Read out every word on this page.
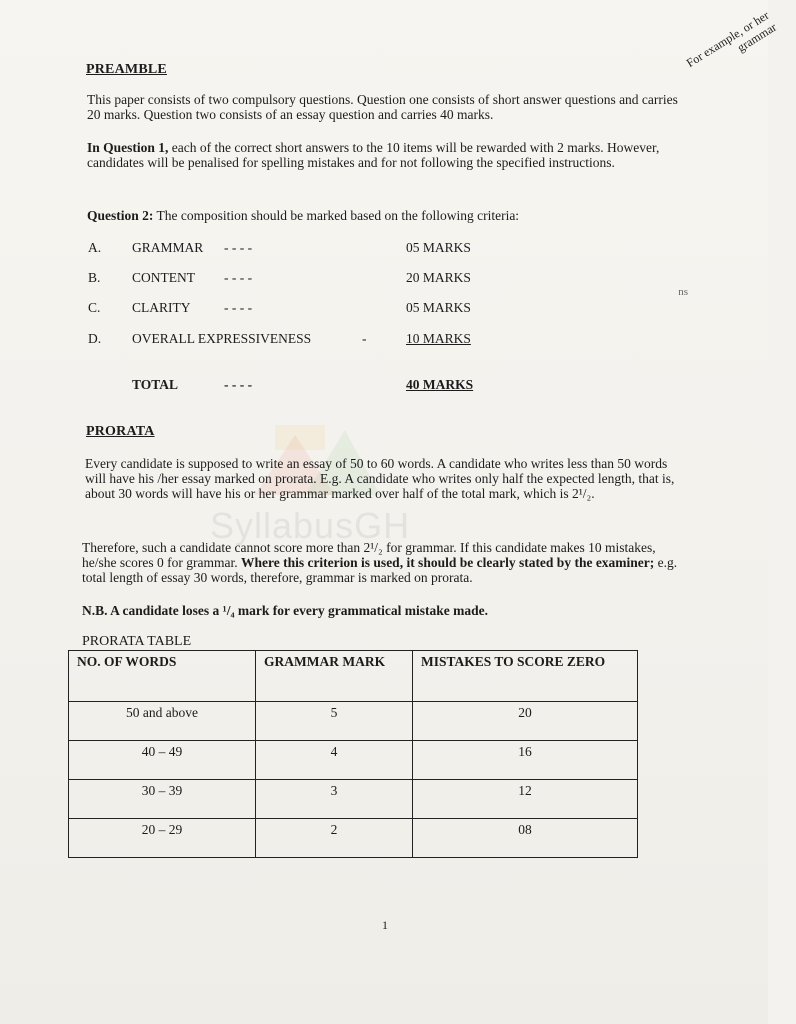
SyllabusGH
For example, or her grammar
ns
PREAMBLE
This paper consists of two compulsory questions. Question one consists of short answer questions and carries 20 marks. Question two consists of an essay question and carries 40 marks.
In Question 1, each of the correct short answers to the 10 items will be rewarded with 2 marks. However, candidates will be penalised for spelling mistakes and for not following the specified instructions.
Question 2: The composition should be marked based on the following criteria:
A. GRAMMAR - - - -	05 MARKS
B. CONTENT - - - -	20 MARKS
C. CLARITY - - - -	05 MARKS
D. OVERALL EXPRESSIVENESS	-	10 MARKS
TOTAL	- - - -	40 MARKS
PRORATA
Every candidate is supposed to write an essay of 50 to 60 words. A candidate who writes less than 50 words will have his /her essay marked on prorata. E.g. A candidate who writes only half the expected length, that is, about 30 words will have his or her grammar marked over half of the total mark, which is 2¹/₂.
Therefore, such a candidate cannot score more than 2¹/₂ for grammar. If this candidate makes 10 mistakes, he/she scores 0 for grammar. Where this criterion is used, it should be clearly stated by the examiner; e.g. total length of essay 30 words, therefore, grammar is marked on prorata.
N.B. A candidate loses a ¹/₄ mark for every grammatical mistake made.
PRORATA TABLE
NO. OF WORDS	GRAMMAR MARK	MISTAKES TO SCORE ZERO
50 and above	5	20
40 – 49	4	16
30 – 39	3	12
20 – 29	2	08
1
